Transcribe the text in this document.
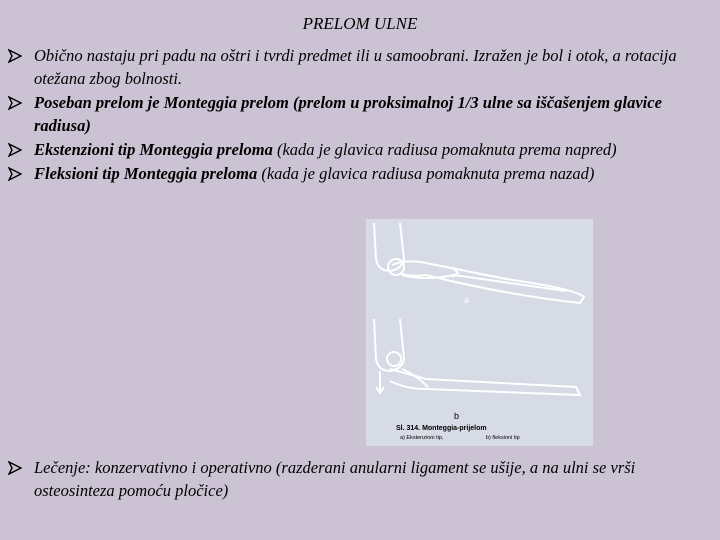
PRELOM ULNE
Obično nastaju pri padu na oštri i tvrdi predmet ili u samoobrani. Izražen je bol i otok, a rotacija otežana zbog bolnosti.
Poseban prelom je Monteggia prelom (prelom u proksimalnoj 1/3 ulne sa iščašenjem glavice radiusa)
Ekstenzioni tip Monteggia preloma (kada je glavica radiusa pomaknuta prema napred)
Fleksioni tip Monteggia preloma (kada je glavica radiusa pomaknuta prema nazad)
a
b
Sl. 314. Monteggia-prijelom
a) Ekstenzioni tip,	b) fleksioni tip
Lečenje: konzervativno i operativno (razderani anularni ligament se ušije, a na ulni se vrši osteosinteza pomoću pločice)
